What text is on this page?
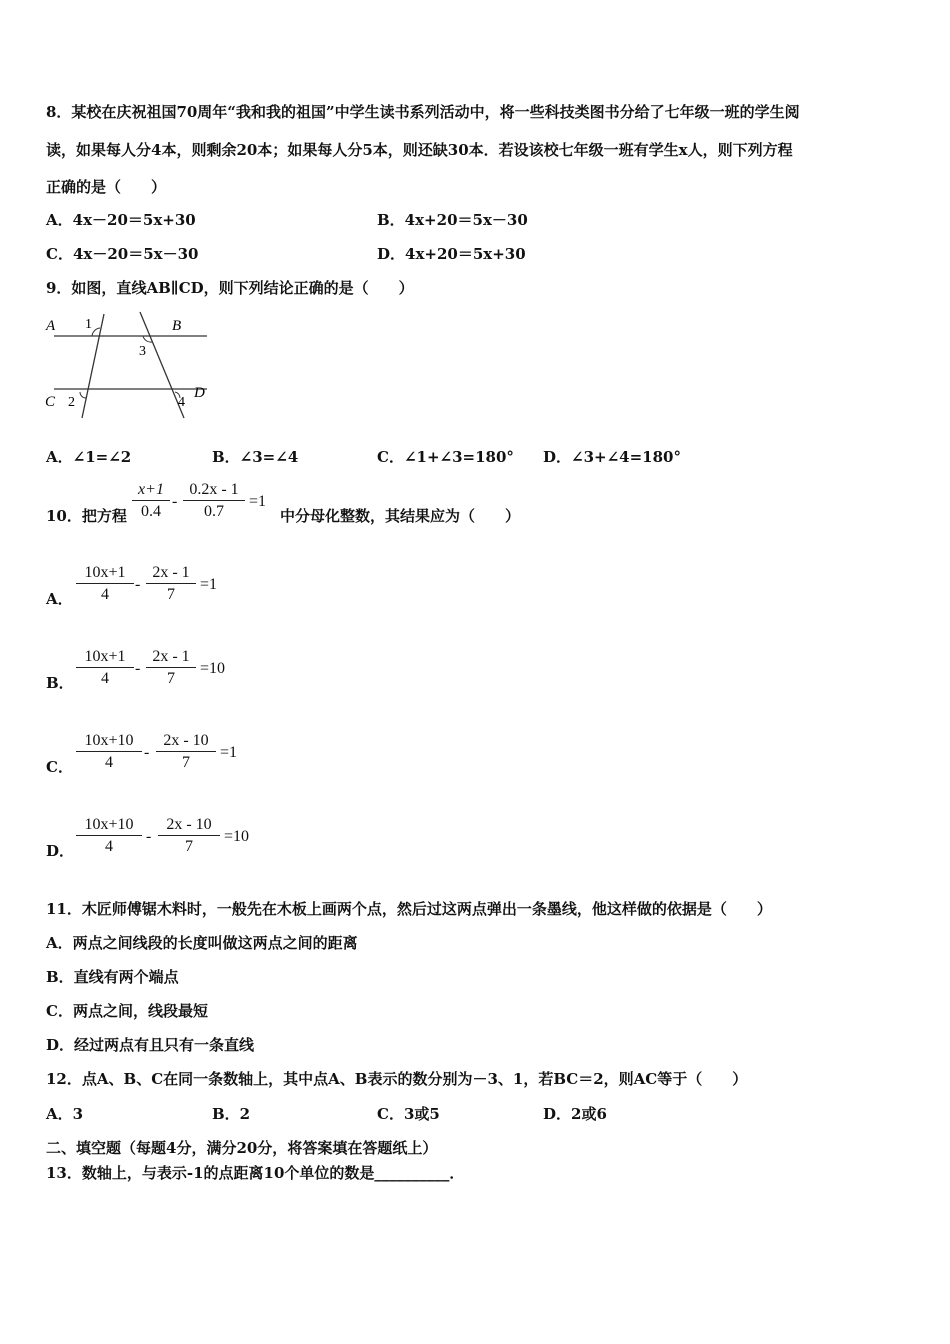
8．某校在庆祝祖国70周年“我和我的祖国”中学生读书系列活动中，将一些科技类图书分给了七年级一班的学生阅
读，如果每人分4本，则剩余20本；如果每人分5本，则还缺30本．若设该校七年级一班有学生x人，则下列方程
正确的是（　　）
A．4x－20＝5x+30	B．4x+20＝5x－30
C．4x－20＝5x－30	D．4x+20＝5x+30
9．如图，直线AB∥CD，则下列结论正确的是（　　）
A	B
C
D
1
3
2	4
A．∠1=∠2	B．∠3=∠4	C．∠1+∠3=180° D．∠3+∠4=180°
10．把方程
x+1
0.4
-
0.2x - 1
0.7
=1
中分母化整数，其结果应为（　　）
A．
10x+1
4
-
2x - 1
7
=1
B．
10x+1
4
-
2x - 1
7
=10
C．
10x+10
4
-
2x - 10
7
=1
D．
10x+10
4
-
2x - 10
7
=10
11．木匠师傅锯木料时，一般先在木板上画两个点，然后过这两点弹出一条墨线，他这样做的依据是（　　）
A．两点之间线段的长度叫做这两点之间的距离
B．直线有两个端点
C．两点之间，线段最短
D．经过两点有且只有一条直线
12．点A、B、C在同一条数轴上，其中点A、B表示的数分别为－3、1，若BC＝2，则AC等于（　　）
A．3	B．2	C．3或5	D．2或6
二、填空题（每题4分，满分20分，将答案填在答题纸上）
13．数轴上，与表示-1的点距离10个单位的数是__________．
